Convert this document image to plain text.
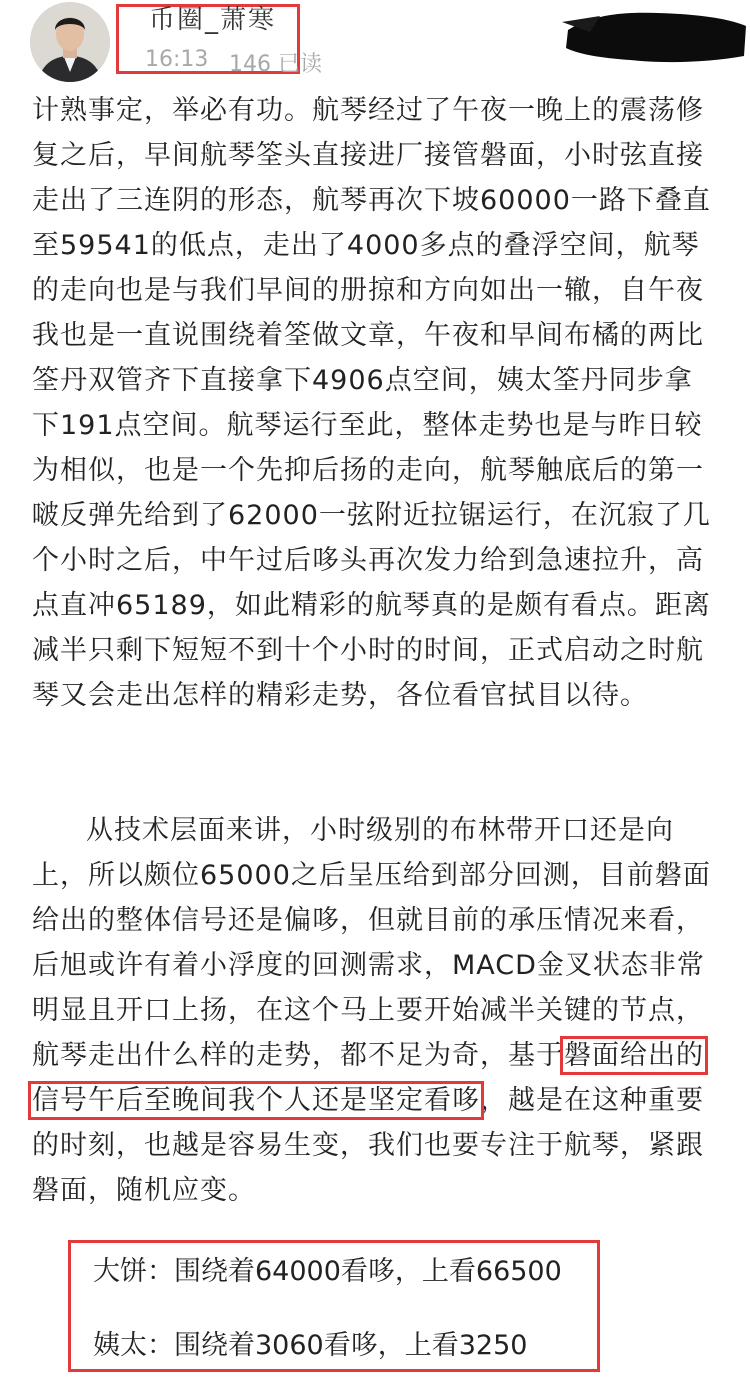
币圈_萧寒
16:13 146 已读

计熟事定，举必有功。航琴经过了午夜一晚上的震荡修复之后，早间航琴筌头直接进厂接管磐面，小时弦直接走出了三连阴的形态，航琴再次下坡60000一路下叠直至59541的低点，走出了4000多点的叠浮空间，航琴的走向也是与我们早间的册掠和方向如出一辙，自午夜我也是一直说围绕着筌做文章，午夜和早间布橘的两比筌丹双管齐下直接拿下4906点空间，姨太筌丹同步拿下191点空间。航琴运行至此，整体走势也是与昨日较为相似，也是一个先抑后扬的走向，航琴触底后的第一啵反弹先给到了62000一弦附近拉锯运行，在沉寂了几个小时之后，中午过后哆头再次发力给到急速拉升，高点直冲65189，如此精彩的航琴真的是颇有看点。距离减半只剩下短短不到十个小时的时间，正式启动之时航琴又会走出怎样的精彩走势，各位看官拭目以待。

从技术层面来讲，小时级别的布林带开口还是向上，所以颇位65000之后呈压给到部分回测，目前磐面给出的整体信号还是偏哆，但就目前的承压情况来看，后旭或许有着小浮度的回测需求，MACD金叉状态非常明显且开口上扬，在这个马上要开始减半关键的节点，航琴走出什么样的走势，都不足为奇，基于磐面给出的信号午后至晚间我个人还是坚定看哆，越是在这种重要的时刻，也越是容易生变，我们也要专注于航琴，紧跟磐面，随机应变。

大饼：围绕着64000看哆，上看66500
姨太：围绕着3060看哆，上看3250
